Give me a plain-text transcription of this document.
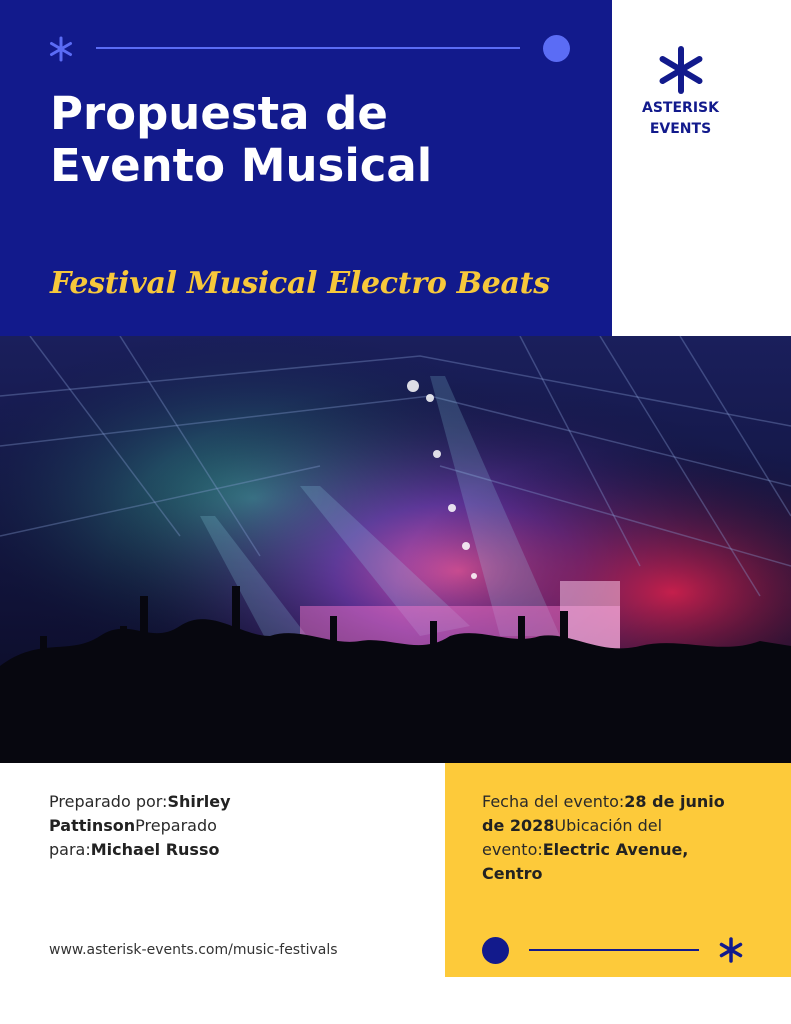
Propuesta de
Evento Musical

Festival Musical Electro Beats

ASTERISK
EVENTS
Preparado por:Shirley PattinsonPreparado para:Michael Russo
Fecha del evento:28 de junio de 2028Ubicación del evento:Electric Avenue, Centro
www.asterisk-events.com/music-festivals
